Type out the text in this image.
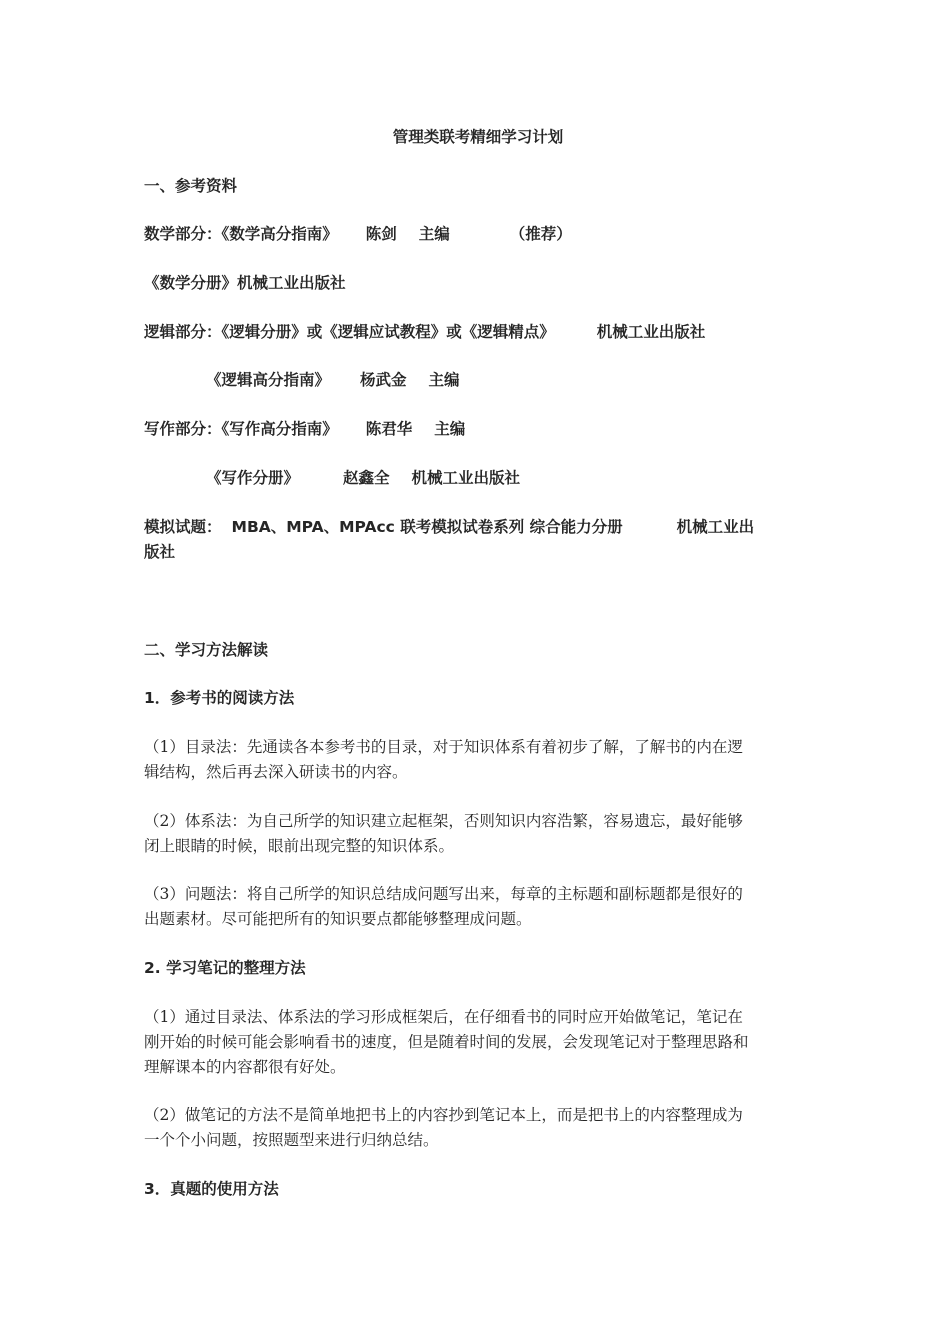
管理类联考精细学习计划
一、参考资料
数学部分：《数学高分指南》 陈剑 主编	（推荐）
《数学分册》机械工业出版社
逻辑部分：《逻辑分册》或《逻辑应试教程》或《逻辑精点》	机械工业出版社
《逻辑高分指南》 杨武金 主编
写作部分：《写作高分指南》 陈君华 主编
《写作分册》	赵鑫全 机械工业出版社
模拟试题： MBA、MPA、MPAcc 联考模拟试卷系列 综合能力分册	机械工业出
版社
二、学习方法解读
1．参考书的阅读方法
（1）目录法：先通读各本参考书的目录，对于知识体系有着初步了解，了解书的内在逻
辑结构，然后再去深入研读书的内容。
（2）体系法：为自己所学的知识建立起框架，否则知识内容浩繁，容易遗忘，最好能够
闭上眼睛的时候，眼前出现完整的知识体系。
（3）问题法：将自己所学的知识总结成问题写出来，每章的主标题和副标题都是很好的
出题素材。尽可能把所有的知识要点都能够整理成问题。
2. 学习笔记的整理方法
（1）通过目录法、体系法的学习形成框架后，在仔细看书的同时应开始做笔记，笔记在
刚开始的时候可能会影响看书的速度，但是随着时间的发展，会发现笔记对于整理思路和
理解课本的内容都很有好处。
（2）做笔记的方法不是简单地把书上的内容抄到笔记本上，而是把书上的内容整理成为
一个个小问题，按照题型来进行归纳总结。
3．真题的使用方法
